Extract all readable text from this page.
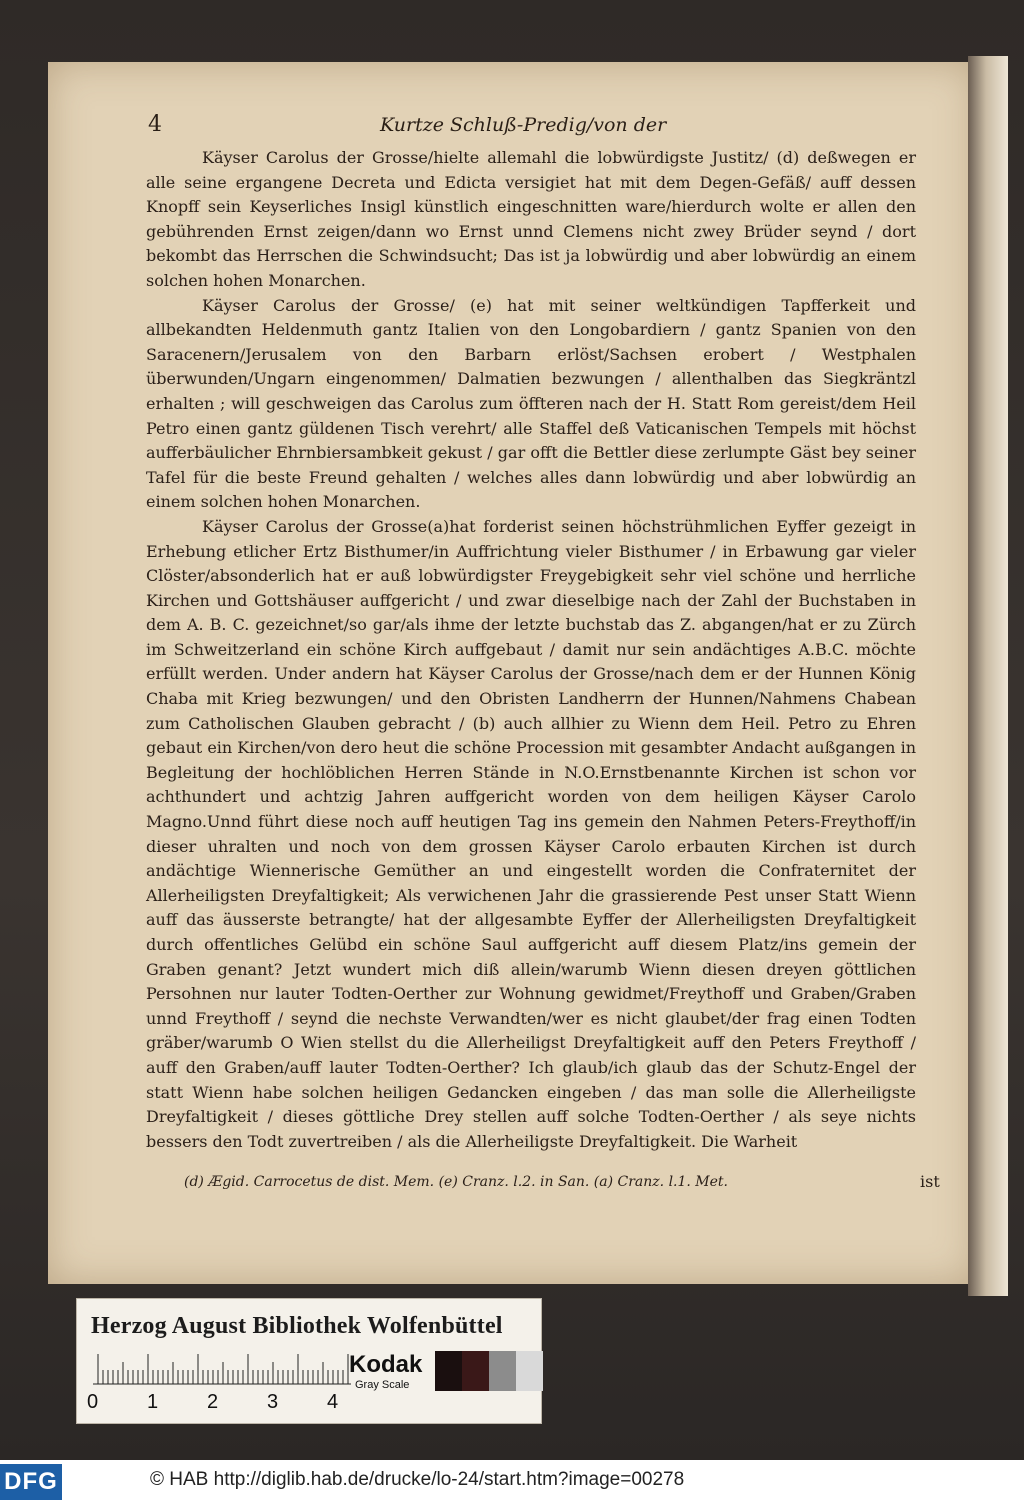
4	Kurtze Schluß-Predig/von der

Käyser Carolus der Grosse/hielte allemahl die lobwürdigste Justitz/ (d) deßwegen er alle seine ergangene Decreta und Edicta versigiet hat mit dem Degen-Gefäß/ auff dessen Knopff sein Keyserliches Insigl künstlich eingeschnitten ware/hierdurch wolte er allen den gebührenden Ernst zeigen/dann wo Ernst unnd Clemens nicht zwey Brüder seynd / dort bekombt das Herrschen die Schwindsucht; Das ist ja lobwürdig und aber lobwürdig an einem solchen hohen Monarchen.

Käyser Carolus der Grosse/ (e) hat mit seiner weltkündigen Tapfferkeit und allbekandten Heldenmuth gantz Italien von den Longobardiern / gantz Spanien von den Saracenern/Jerusalem von den Barbarn erlöst/Sachsen erobert / Westphalen überwunden/Ungarn eingenommen/ Dalmatien bezwungen / allenthalben das Siegkräntzl erhalten ; will geschweigen das Carolus zum öffteren nach der H. Statt Rom gereist/dem Heil Petro einen gantz güldenen Tisch verehrt/ alle Staffel deß Vaticanischen Tempels mit höchst aufferbäulicher Ehrnbiersambkeit gekust / gar offt die Bettler diese zerlumpte Gäst bey seiner Tafel für die beste Freund gehalten / welches alles dann lobwürdig und aber lobwürdig an einem solchen hohen Monarchen.

Käyser Carolus der Grosse(a)hat forderist seinen höchstrühmlichen Eyffer gezeigt in Erhebung etlicher Ertz Bisthumer/in Auffrichtung vieler Bisthumer / in Erbawung gar vieler Clöster/absonderlich hat er auß lobwürdigster Freygebigkeit sehr viel schöne und herrliche Kirchen und Gottshäuser auffgericht / und zwar dieselbige nach der Zahl der Buchstaben in dem A. B. C. gezeichnet/so gar/als ihme der letzte buchstab das Z. abgangen/hat er zu Zürch im Schweitzerland ein schöne Kirch auffgebaut / damit nur sein andächtiges A.B.C. möchte erfüllt werden. Under andern hat Käyser Carolus der Grosse/nach dem er der Hunnen König Chaba mit Krieg bezwungen/ und den Obristen Landherrn der Hunnen/Nahmens Chabean zum Catholischen Glauben gebracht / (b) auch allhier zu Wienn dem Heil. Petro zu Ehren gebaut ein Kirchen/von dero heut die schöne Procession mit gesambter Andacht außgangen in Begleitung der hochlöblichen Herren Stände in N.O.Ernstbenannte Kirchen ist schon vor achthundert und achtzig Jahren auffgericht worden von dem heiligen Käyser Carolo Magno.Unnd führt diese noch auff heutigen Tag ins gemein den Nahmen Peters-Freythoff/in dieser uhralten und noch von dem grossen Käyser Carolo erbauten Kirchen ist durch andächtige Wiennerische Gemüther an und eingestellt worden die Confraternitet der Allerheiligsten Dreyfaltigkeit; Als verwichenen Jahr die grassierende Pest unser Statt Wienn auff das äusserste betrangte/ hat der allgesambte Eyffer der Allerheiligsten Dreyfaltigkeit durch offentliches Gelübd ein schöne Saul auffgericht auff diesem Platz/ins gemein der Graben genant? Jetzt wundert mich diß allein/warumb Wienn diesen dreyen göttlichen Persohnen nur lauter Todten-Oerther zur Wohnung gewidmet/Freythoff und Graben/Graben unnd Freythoff / seynd die nechste Verwandten/wer es nicht glaubet/der frag einen Todten gräber/warumb O Wien stellst du die Allerheiligst Dreyfaltigkeit auff den Peters Freythoff / auff den Graben/auff lauter Todten-Oerther? Ich glaub/ich glaub das der Schutz-Engel der statt Wienn habe solchen heiligen Gedancken eingeben / das man solle die Allerheiligste Dreyfaltigkeit / dieses göttliche Drey stellen auff solche Todten-Oerther / als seye nichts bessers den Todt zuvertreiben / als die Allerheiligste Dreyfaltigkeit. Die Warheit

(d) Ægid. Carrocetus de dist. Mem. (e) Cranz. l.2. in San. (a) Cranz. l.1. Met.	ist
Herzog August Bibliothek Wolfenbüttel
0 1 2 3 4
Kodak
Gray Scale
DFG	© HAB http://diglib.hab.de/drucke/lo-24/start.htm?image=00278
